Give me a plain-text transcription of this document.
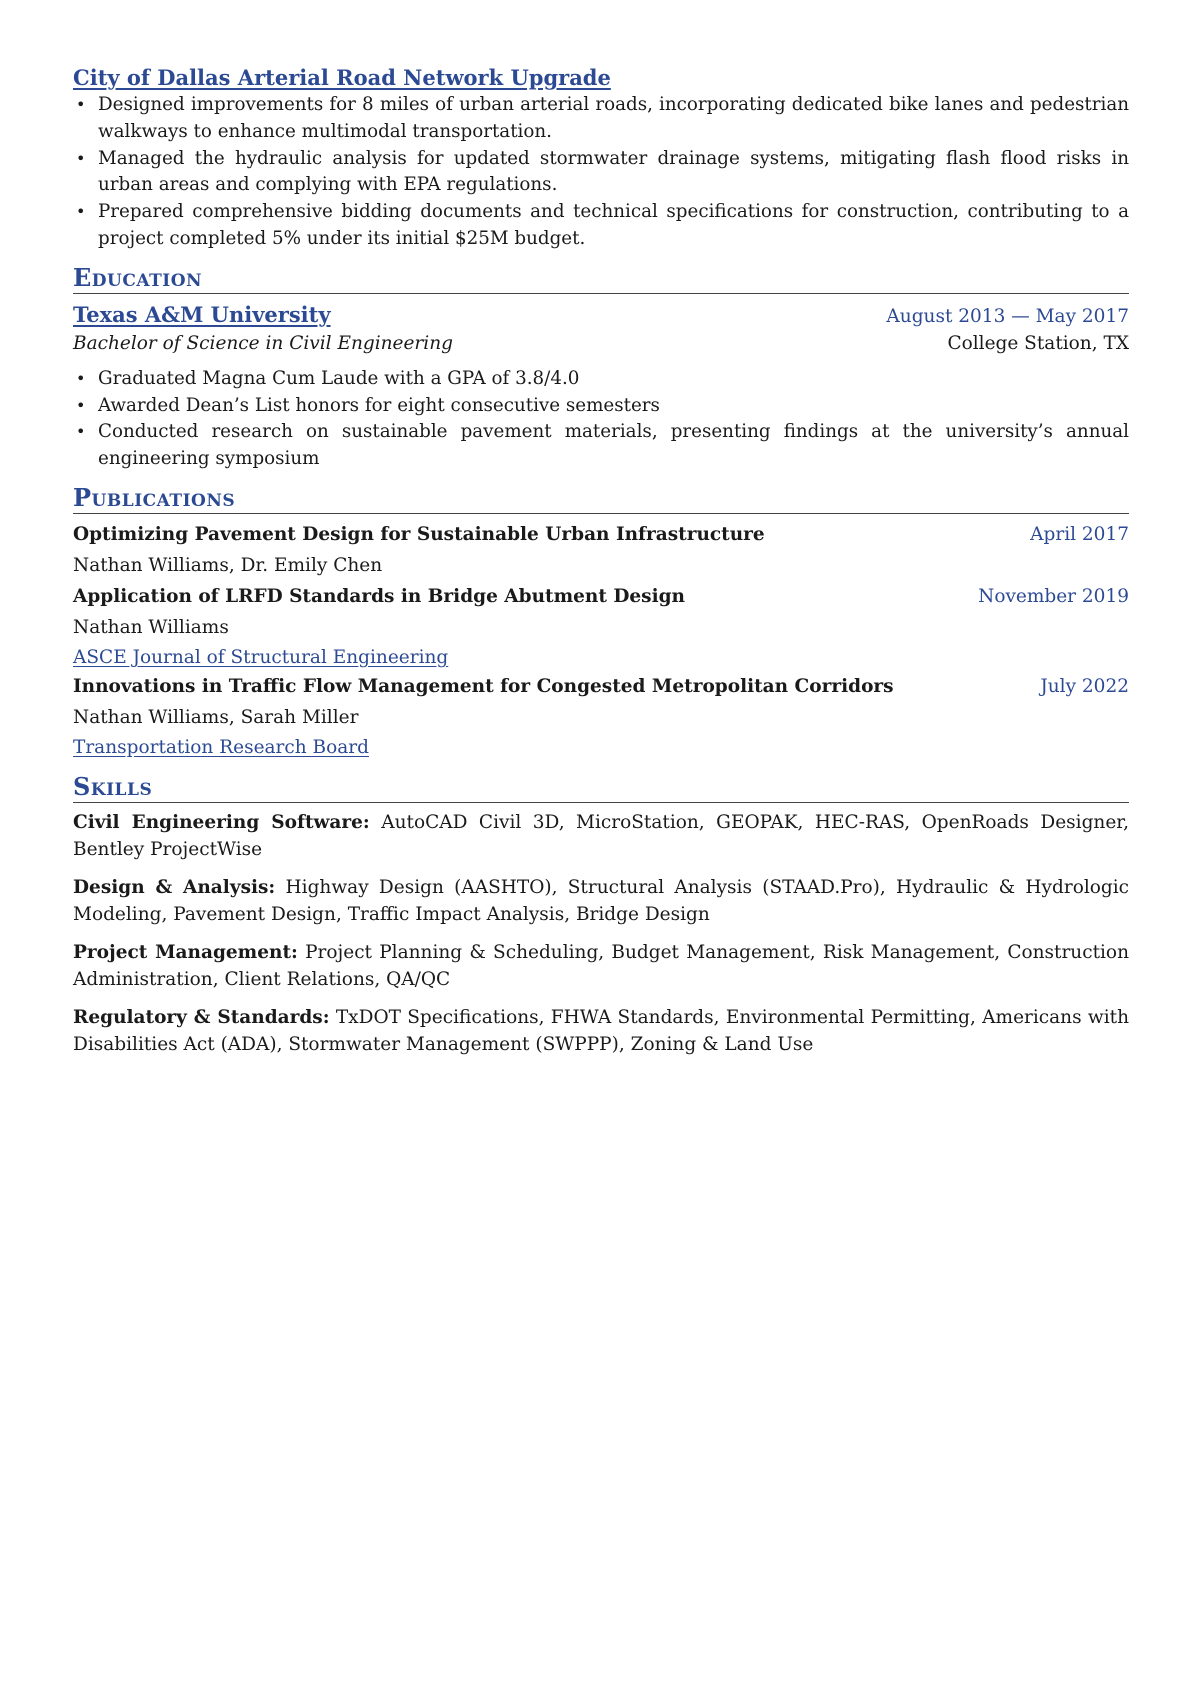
City of Dallas Arterial Road Network Upgrade
• Designed improvements for 8 miles of urban arterial roads, incorporating dedicated bike lanes and pedestrian walkways to enhance multimodal transportation.
• Managed the hydraulic analysis for updated stormwater drainage systems, mitigating flash flood risks in urban areas and complying with EPA regulations.
• Prepared comprehensive bidding documents and technical specifications for construction, contributing to a project completed 5% under its initial $25M budget.
Education
Texas A&M University	August 2013 — May 2017
Bachelor of Science in Civil Engineering	College Station, TX
• Graduated Magna Cum Laude with a GPA of 3.8/4.0
• Awarded Dean’s List honors for eight consecutive semesters
• Conducted research on sustainable pavement materials, presenting findings at the university’s annual engineering symposium
Publications
Optimizing Pavement Design for Sustainable Urban Infrastructure	April 2017
Nathan Williams, Dr. Emily Chen
Application of LRFD Standards in Bridge Abutment Design	November 2019
Nathan Williams
ASCE Journal of Structural Engineering
Innovations in Traffic Flow Management for Congested Metropolitan Corridors	July 2022
Nathan Williams, Sarah Miller
Transportation Research Board
Skills
Civil Engineering Software: AutoCAD Civil 3D, MicroStation, GEOPAK, HEC-RAS, OpenRoads Designer, Bentley ProjectWise
Design & Analysis: Highway Design (AASHTO), Structural Analysis (STAAD.Pro), Hydraulic & Hydrologic Modeling, Pavement Design, Traffic Impact Analysis, Bridge Design
Project Management: Project Planning & Scheduling, Budget Management, Risk Management, Construction Administration, Client Relations, QA/QC
Regulatory & Standards: TxDOT Specifications, FHWA Standards, Environmental Permitting, Americans with Disabilities Act (ADA), Stormwater Management (SWPPP), Zoning & Land Use
